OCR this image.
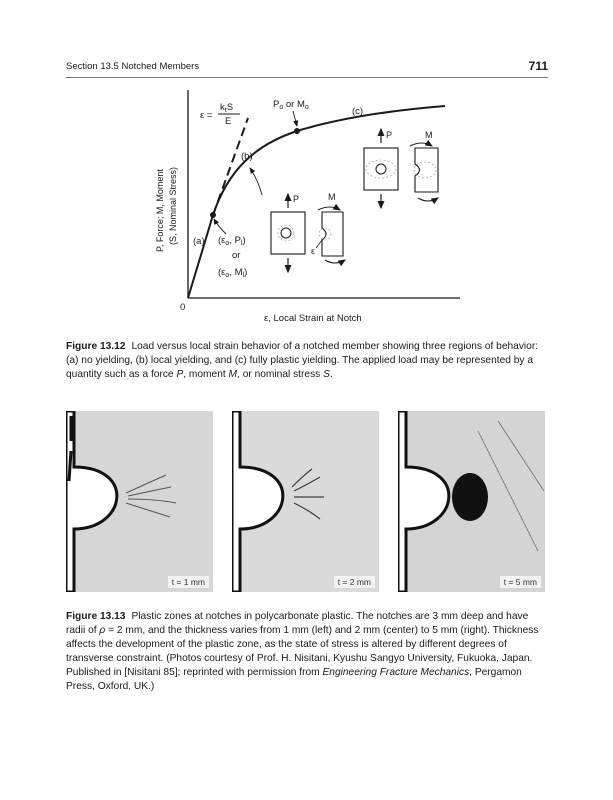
Section 13.5 Notched Members	711
ε =
$k_tS$
E
$P_o$ or $M_o$
(a)
(b)
(c)
($\varepsilon_o$, $P_l$)
or
($\varepsilon_o$, $M_l$)
P, Force; M, Moment (S, Nominal Stress)
0
ε, Local Strain at Notch
P	M
ε
P	M
Figure 13.12 Load versus local strain behavior of a notched member showing three regions of behavior: (a) no yielding, (b) local yielding, and (c) fully plastic yielding. The applied load may be represented by a quantity such as a force P, moment M, or nominal stress S.
t = 1 mm	t = 2 mm	t = 5 mm
Figure 13.13 Plastic zones at notches in polycarbonate plastic. The notches are 3 mm deep and have radii of ρ = 2 mm, and the thickness varies from 1 mm (left) and 2 mm (center) to 5 mm (right). Thickness affects the development of the plastic zone, as the state of stress is altered by different degrees of transverse constraint. (Photos courtesy of Prof. H. Nisitani, Kyushu Sangyo University, Fukuoka, Japan. Published in [Nisitani 85]; reprinted with permission from Engineering Fracture Mechanics, Pergamon Press, Oxford, UK.)
